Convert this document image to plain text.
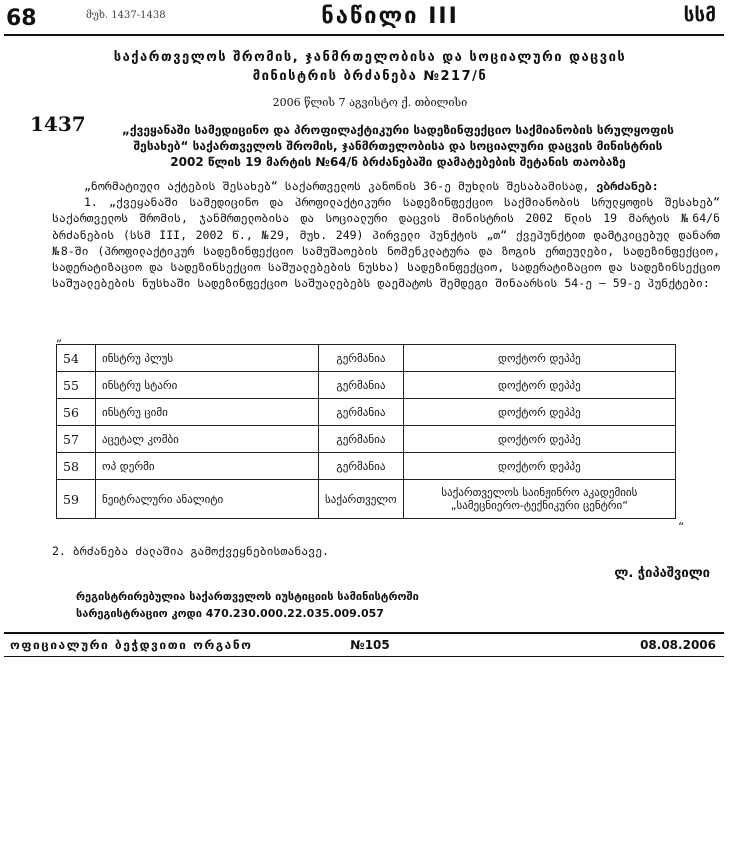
68	მუხ. 1437-1438	ნაწილი III	სსმ
საქართველოს შრომის, ჯანმრთელობისა და სოციალური დაცვის
მინისტრის ბრძანება №217/ნ
2006 წლის 7 აგვისტო ქ. თბილისი
1437	„ქვეყანაში სამედიცინო და პროფილაქტიკური სადეზინფექციო საქმიანობის სრულყოფის
შესახებ“ საქართველოს შრომის, ჯანმრთელობისა და სოციალური დაცვის მინისტრის
2002 წლის 19 მარტის №64/ნ ბრძანებაში დამატებების შეტანის თაობაზე

„ნორმატიული აქტების შესახებ“ საქართველოს კანონის 36-ე მუხლის შესაბამისად, ვბრძანებ:

1. „ქვეყანაში სამედიცინო და პროფილაქტიკური სადეზინფექციო საქმიანობის სრულყოფის შესახებ“ საქართველოს შრომის, ჯანმრთელობისა და სოციალური დაცვის მინისტრის 2002 წლის 19 მარტის №64/ნ ბრძანების (სსმ III, 2002 წ., №29, მუხ. 249) პირველი პუნქტის „თ“ ქვეპუნქტით დამტკიცებულ დანართ №8-ში (პროფილაქტიკურ სადეზინფექციო სამუშაოების ნომენკლატურა და ზოგის ერთეულები, სადეზინფექციო, სადერატიზაციო და სადეზინსექციო საშუალებების ნუსხა) სადეზინფექციო, სადერატიზაციო და სადეზინსექციო საშუალებების ნუსხაში სადეზინფექციო საშუალებებს დაემატოს შემდეგი შინაარსის 54-ე – 59-ე პუნქტები:

„
54	ინსტრუ პლუს	გერმანია	დოქტორ დეპპე
55	ინსტრუ სტარი	გერმანია	დოქტორ დეპპე
56	ინსტრუ ციმი	გერმანია	დოქტორ დეპპე
57	აცეტალ კომბი	გერმანია	დოქტორ დეპპე
58	ოპ დერმი	გერმანია	დოქტორ დეპპე
59	ნეიტრალური ანალიტი	საქართველო	საქართველოს საინჟინრო აკადემიის
„სამეცნიერო-ტექნიკური ცენტრი“
“
2. ბრძანება ძალაშია გამოქვეყნებისთანავე.
ლ. ჭიპაშვილი
რეგისტრირებულია საქართველოს იუსტიციის სამინისტროში
სარეგისტრაციო კოდი 470.230.000.22.035.009.057
ოფიციალური ბეჭდვითი ორგანო	№105	08.08.2006
